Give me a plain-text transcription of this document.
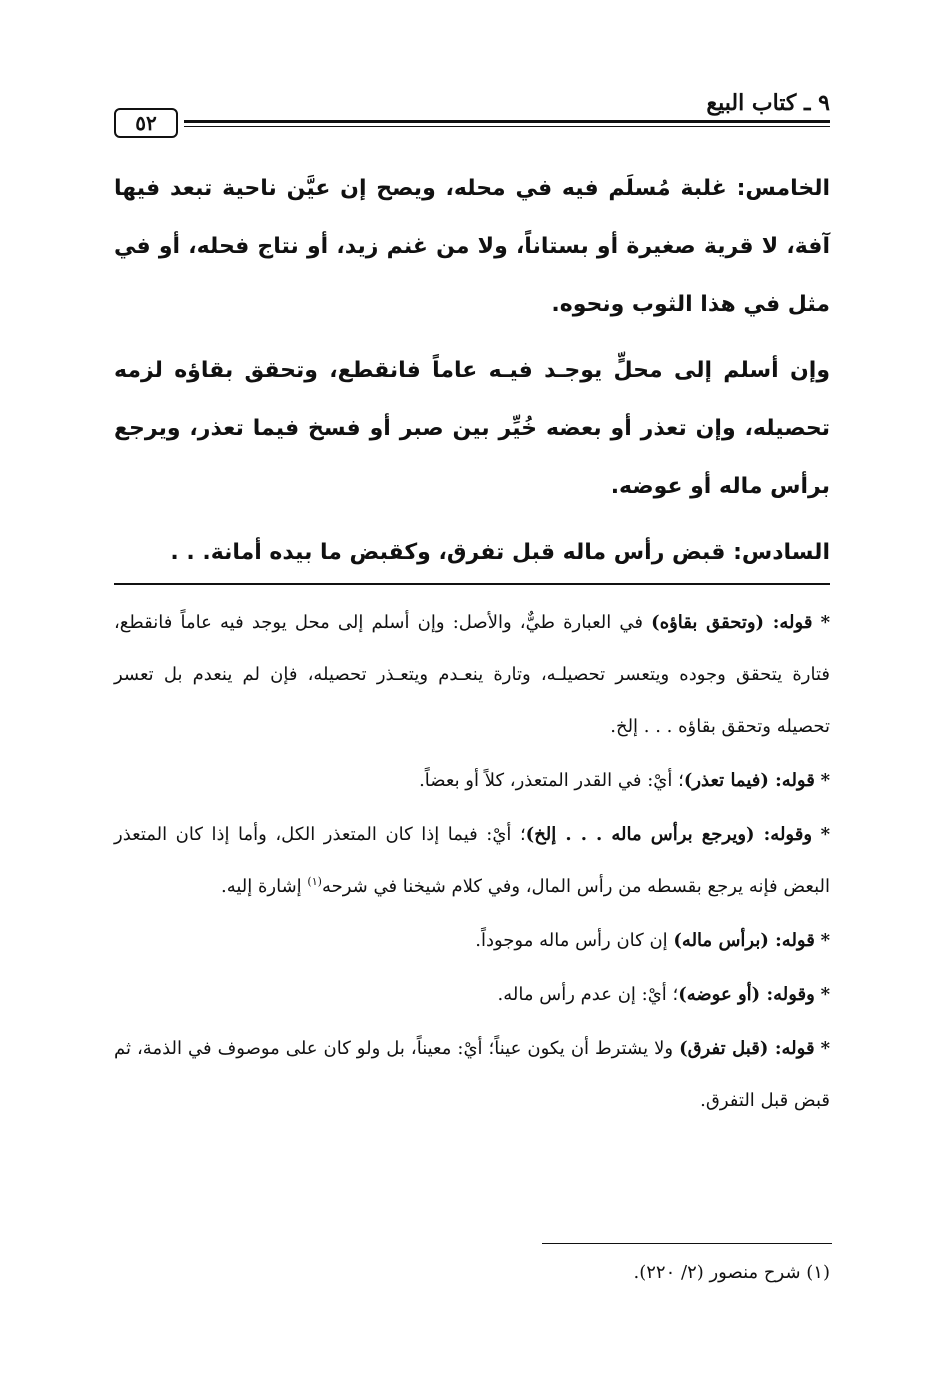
٩ ـ كتاب البيع
٥٢

الخامس: غلبة مُسلَم فيه في محله، ويصح إن عيَّن ناحية تبعد فيها آفة، لا قرية صغيرة أو بستاناً، ولا من غنم زيد، أو نتاج فحله، أو في مثل في هذا الثوب ونحوه.

وإن أسلم إلى محلٍّ يوجـد فيـه عاماً فانقطع، وتحقق بقاؤه لزمه تحصيله، وإن تعذر أو بعضه خُيِّر بين صبر أو فسخ فيما تعذر، ويرجع برأس ماله أو عوضه.

السادس: قبض رأس ماله قبل تفرق، وكقبض ما بيده أمانة. . .

* قوله: (وتحقق بقاؤه) في العبارة طيٌّ، والأصل: وإن أسلم إلى محل يوجد فيه عاماً فانقطع، فتارة يتحقق وجوده ويتعسر تحصيلـه، وتارة ينعـدم ويتعـذر تحصيله، فإن لم ينعدم بل تعسر تحصيله وتحقق بقاؤه . . . إلخ.

* قوله: (فيما تعذر)؛ أيْ: في القدر المتعذر، كلاً أو بعضاً.

* وقوله: (ويرجع برأس ماله . . . إلخ)؛ أيْ: فيما إذا كان المتعذر الكل، وأما إذا كان المتعذر البعض فإنه يرجع بقسطه من رأس المال، وفي كلام شيخنا في شرحه$^{(١)}$ إشارة إليه.

* قوله: (برأس ماله) إن كان رأس ماله موجوداً.

* وقوله: (أو عوضه)؛ أيْ: إن عدم رأس ماله.

* قوله: (قبل تفرق) ولا يشترط أن يكون عيناً؛ أيْ: معيناً، بل ولو كان على موصوف في الذمة، ثم قبض قبل التفرق.

(١) شرح منصور (٢/ ٢٢٠).
